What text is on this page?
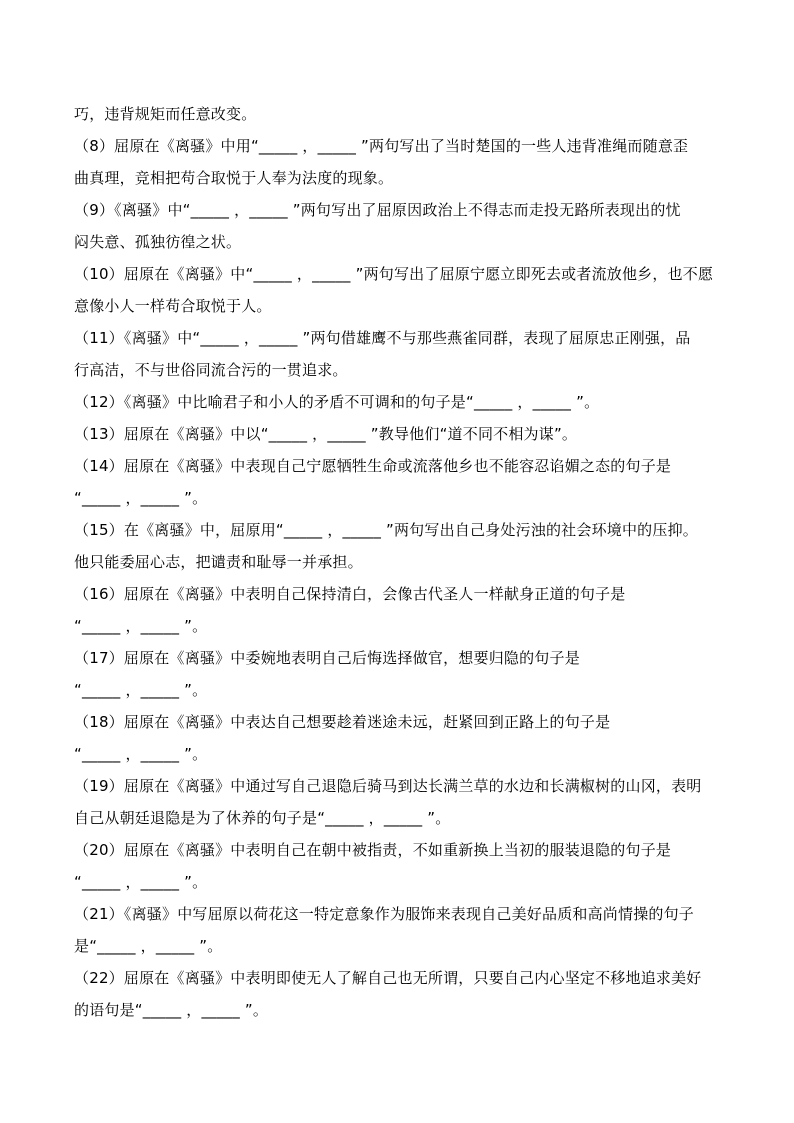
巧，违背规矩而任意改变。
（8）屈原在《离骚》中用“_____ ，_____ ”两句写出了当时楚国的一些人违背准绳而随意歪
曲真理，竞相把苟合取悦于人奉为法度的现象。
（9）《离骚》中“_____ ，_____ ”两句写出了屈原因政治上不得志而走投无路所表现出的忧
闷失意、孤独彷徨之状。
（10）屈原在《离骚》中“_____ ，_____ ”两句写出了屈原宁愿立即死去或者流放他乡，也不愿
意像小人一样苟合取悦于人。
（11）《离骚》中“_____ ，_____ ”两句借雄鹰不与那些燕雀同群，表现了屈原忠正刚强，品
行高洁，不与世俗同流合污的一贯追求。
（12）《离骚》中比喻君子和小人的矛盾不可调和的句子是“_____ ，_____ ”。
（13）屈原在《离骚》中以“_____ ，_____ ”教导他们“道不同不相为谋”。
（14）屈原在《离骚》中表现自己宁愿牺牲生命或流落他乡也不能容忍谄媚之态的句子是
“_____ ，_____ ”。
（15）在《离骚》中，屈原用“_____ ，_____ ”两句写出自己身处污浊的社会环境中的压抑。
他只能委屈心志，把谴责和耻辱一并承担。
（16）屈原在《离骚》中表明自己保持清白，会像古代圣人一样献身正道的句子是
“_____ ，_____ ”。
（17）屈原在《离骚》中委婉地表明自己后悔选择做官，想要归隐的句子是
“_____ ，_____ ”。
（18）屈原在《离骚》中表达自己想要趁着迷途未远，赶紧回到正路上的句子是
“_____ ，_____ ”。
（19）屈原在《离骚》中通过写自己退隐后骑马到达长满兰草的水边和长满椒树的山冈，表明
自己从朝廷退隐是为了休养的句子是“_____ ，_____ ”。
（20）屈原在《离骚》中表明自己在朝中被指责，不如重新换上当初的服装退隐的句子是
“_____ ，_____ ”。
（21）《离骚》中写屈原以荷花这一特定意象作为服饰来表现自己美好品质和高尚情操的句子
是“_____ ，_____ ”。
（22）屈原在《离骚》中表明即使无人了解自己也无所谓，只要自己内心坚定不移地追求美好
的语句是“_____ ，_____ ”。
